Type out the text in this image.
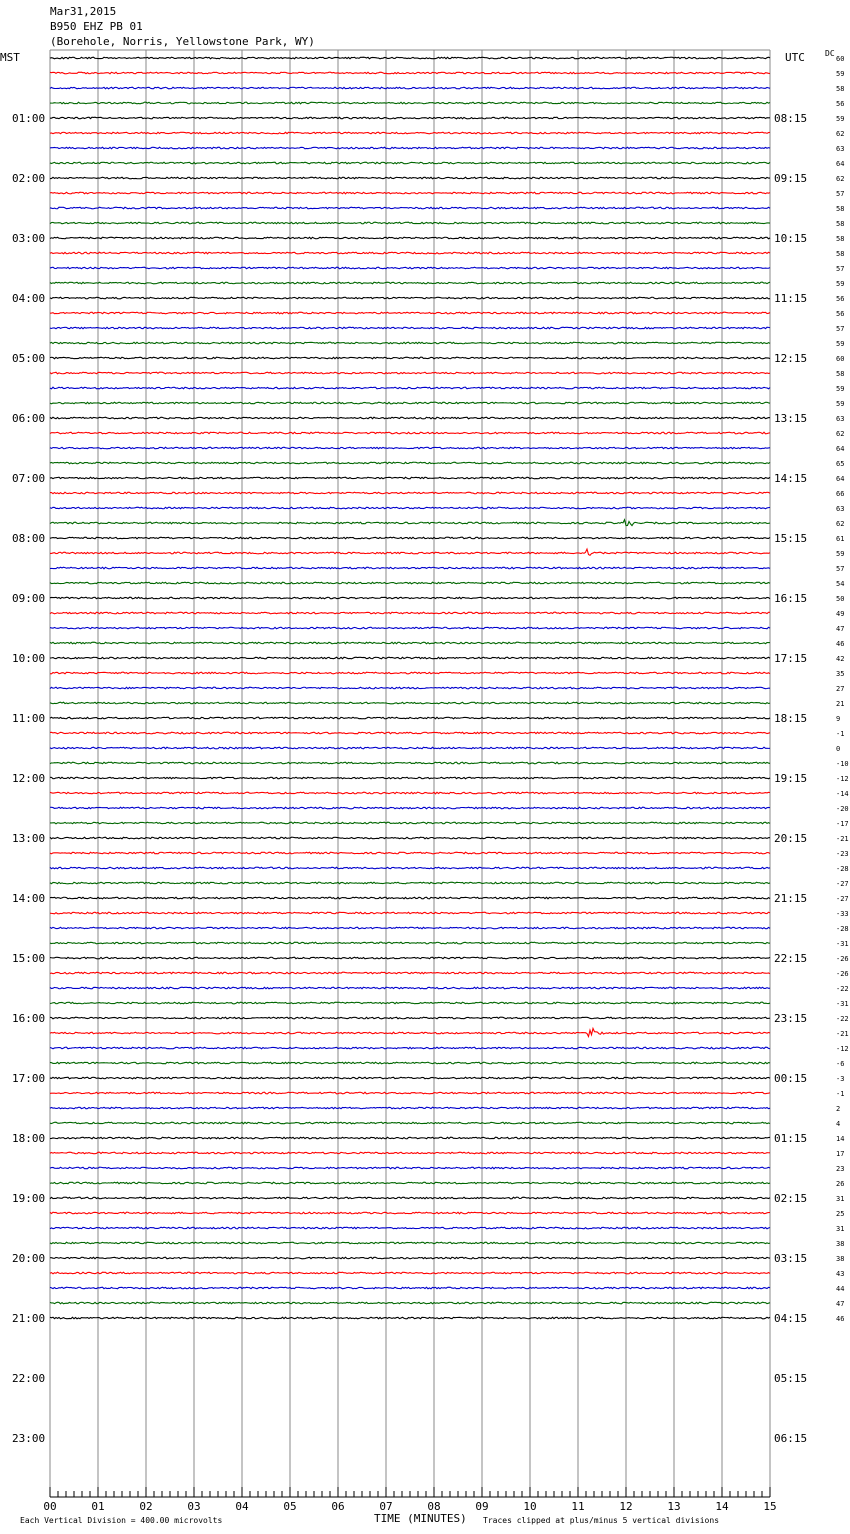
Mar31,2015
B950 EHZ PB 01
(Borehole, Norris, Yellowstone Park, WY)
MST	UTC	DC
TIME (MINUTES)
Each Vertical Division = 400.00 microvolts	Traces clipped at plus/minus 5 vertical divisions
60
59
58
56
59
62
63
64
62
57
58
58
58
58
57
59
56
56
57
59
60
58
59
59
63
62
64
65
64
66
63
62
61
59
57
54
50
49
47
46
42
35
27
21
9
-1
0
-10
-12
-14
-20
-17
-21
-23
-28
-27
-27
-33
-28
-31
-26
-26
-22
-31
-22
-21
-12
-6
-3
-1
2
4
14
17
23
26
31
25
31
38
38
43
44
47
46
01:00
02:00
03:00
04:00
05:00
06:00
07:00
08:00
09:00
10:00
11:00
12:00
13:00
14:00
15:00
16:00
17:00
18:00
19:00
20:00
21:00
22:00
23:00
08:15
09:15
10:15
11:15
12:15
13:15
14:15
15:15
16:15
17:15
18:15
19:15
20:15
21:15
22:15
23:15
00:15
01:15
02:15
03:15
04:15
05:15
06:15
00	01	02	03	04	05	06	07	08	09	10	11	12	13	14	15
